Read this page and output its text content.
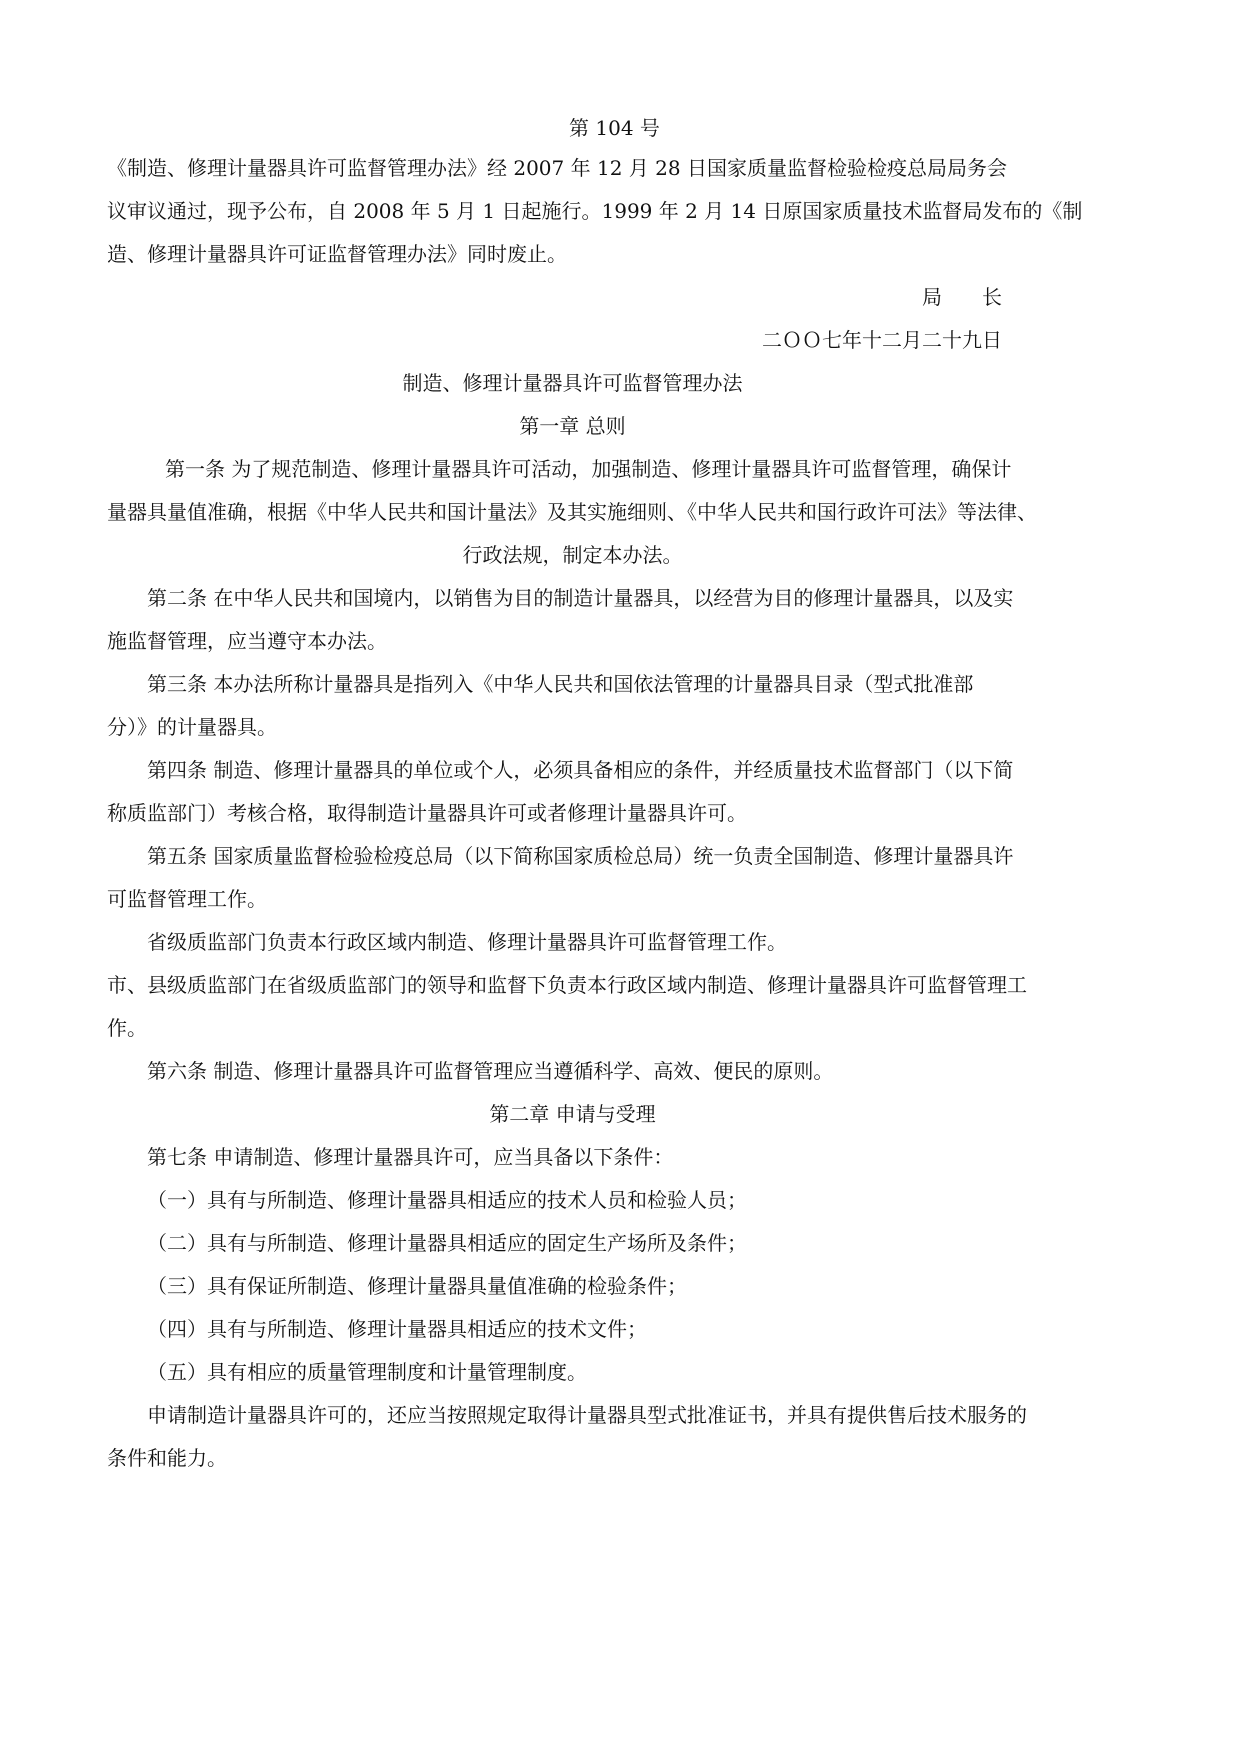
第 104 号
《制造、修理计量器具许可监督管理办法》经 2007 年 12 月 28 日国家质量监督检验检疫总局局务会
议审议通过，现予公布，自 2008 年 5 月 1 日起施行。1999 年 2 月 14 日原国家质量技术监督局发布的《制
造、修理计量器具许可证监督管理办法》同时废止。
局　　长
二ＯＯ七年十二月二十九日
制造、修理计量器具许可监督管理办法
第一章 总则
第一条 为了规范制造、修理计量器具许可活动，加强制造、修理计量器具许可监督管理，确保计
量器具量值准确，根据《中华人民共和国计量法》及其实施细则、《中华人民共和国行政许可法》等法律、
行政法规，制定本办法。
第二条 在中华人民共和国境内，以销售为目的制造计量器具，以经营为目的修理计量器具，以及实
施监督管理，应当遵守本办法。
第三条 本办法所称计量器具是指列入《中华人民共和国依法管理的计量器具目录（型式批准部
分）》的计量器具。
第四条 制造、修理计量器具的单位或个人，必须具备相应的条件，并经质量技术监督部门（以下简
称质监部门）考核合格，取得制造计量器具许可或者修理计量器具许可。
第五条 国家质量监督检验检疫总局（以下简称国家质检总局）统一负责全国制造、修理计量器具许
可监督管理工作。
省级质监部门负责本行政区域内制造、修理计量器具许可监督管理工作。
市、县级质监部门在省级质监部门的领导和监督下负责本行政区域内制造、修理计量器具许可监督管理工
作。
第六条 制造、修理计量器具许可监督管理应当遵循科学、高效、便民的原则。
第二章 申请与受理
第七条 申请制造、修理计量器具许可，应当具备以下条件：
（一）具有与所制造、修理计量器具相适应的技术人员和检验人员；
（二）具有与所制造、修理计量器具相适应的固定生产场所及条件；
（三）具有保证所制造、修理计量器具量值准确的检验条件；
（四）具有与所制造、修理计量器具相适应的技术文件；
（五）具有相应的质量管理制度和计量管理制度。
申请制造计量器具许可的，还应当按照规定取得计量器具型式批准证书，并具有提供售后技术服务的
条件和能力。
